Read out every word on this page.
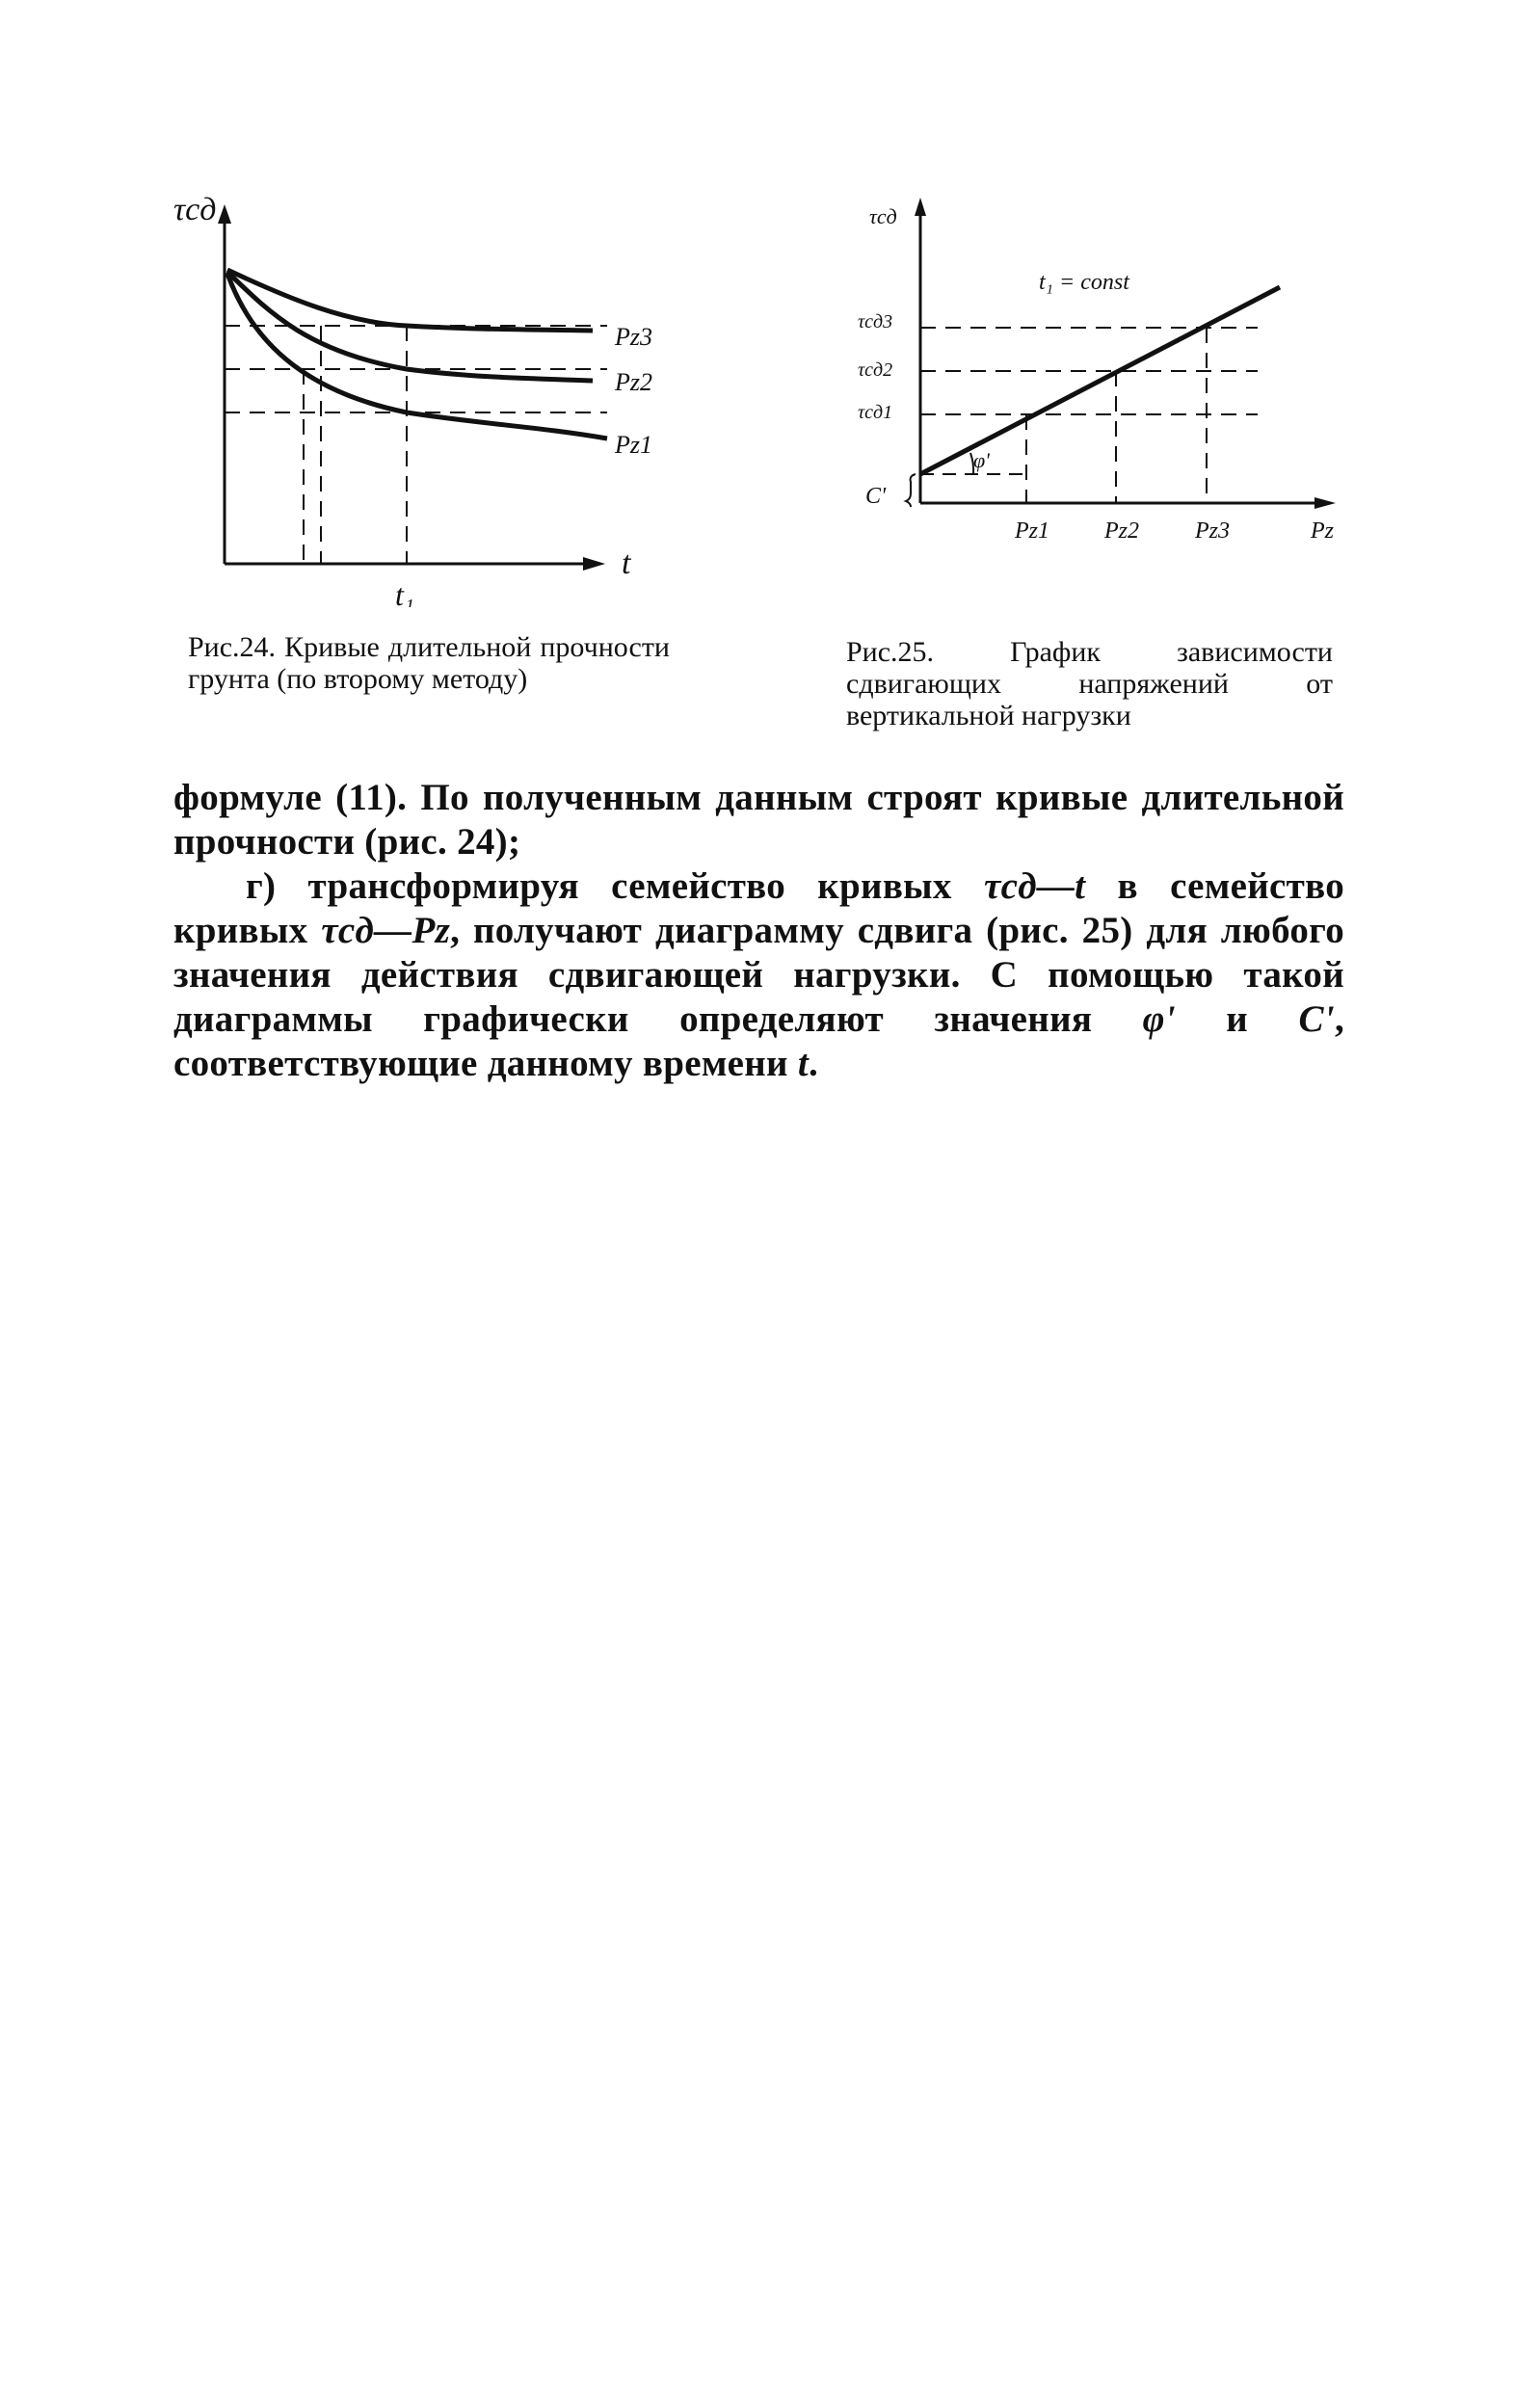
τсд
t
t₁
Pz3
Pz2
Pz1
τсд
t₁ = const
τсд3
τсд2
τсд1
C'
φ'
Pz1 Pz2 Pz3	Pz
Рис.24. Кривые длительной прочности грунта (по второму методу)
Рис.25. График зависимости сдвигающих напряжений от вертикальной нагрузки

формуле (11). По полученным данным строят кривые длительной прочности (рис. 24);

г) трансформируя семейство кривых τсд—t в семейство кривых τсд—Pz, получают диаграмму сдвига (рис. 25) для любого значения действия сдвигающей нагрузки. С помощью такой диаграммы графически определяют значения φ' и C', соответствующие данному времени t.
